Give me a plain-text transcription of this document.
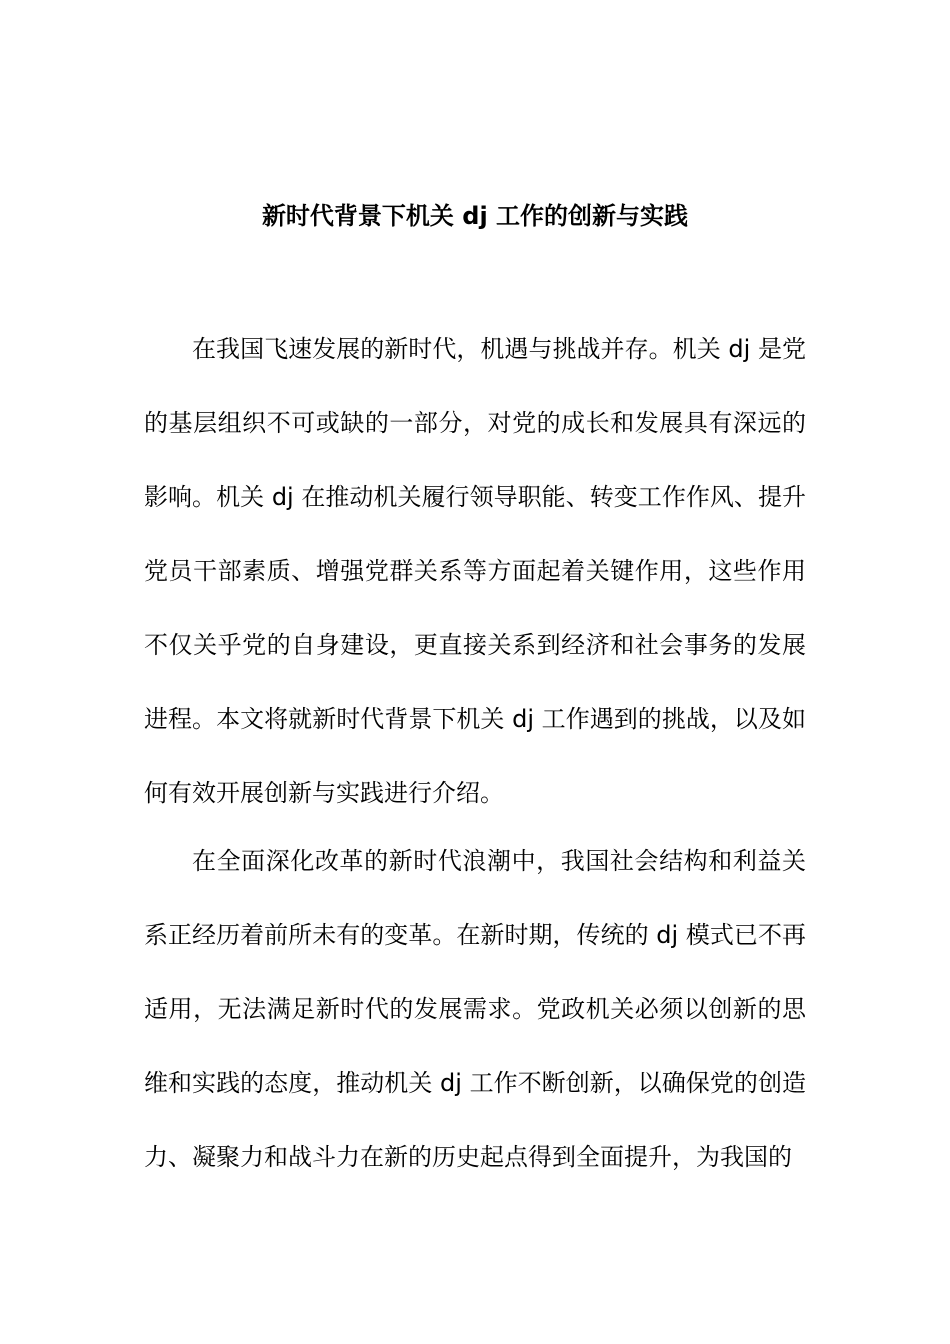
新时代背景下机关 dj 工作的创新与实践

在我国飞速发展的新时代，机遇与挑战并存。机关 dj 是党的基层组织不可或缺的一部分，对党的成长和发展具有深远的影响。机关 dj 在推动机关履行领导职能、转变工作作风、提升党员干部素质、增强党群关系等方面起着关键作用，这些作用不仅关乎党的自身建设，更直接关系到经济和社会事务的发展进程。本文将就新时代背景下机关 dj 工作遇到的挑战，以及如何有效开展创新与实践进行介绍。

在全面深化改革的新时代浪潮中，我国社会结构和利益关系正经历着前所未有的变革。在新时期，传统的 dj 模式已不再适用，无法满足新时代的发展需求。党政机关必须以创新的思维和实践的态度，推动机关 dj 工作不断创新，以确保党的创造力、凝聚力和战斗力在新的历史起点得到全面提升，为我国的
